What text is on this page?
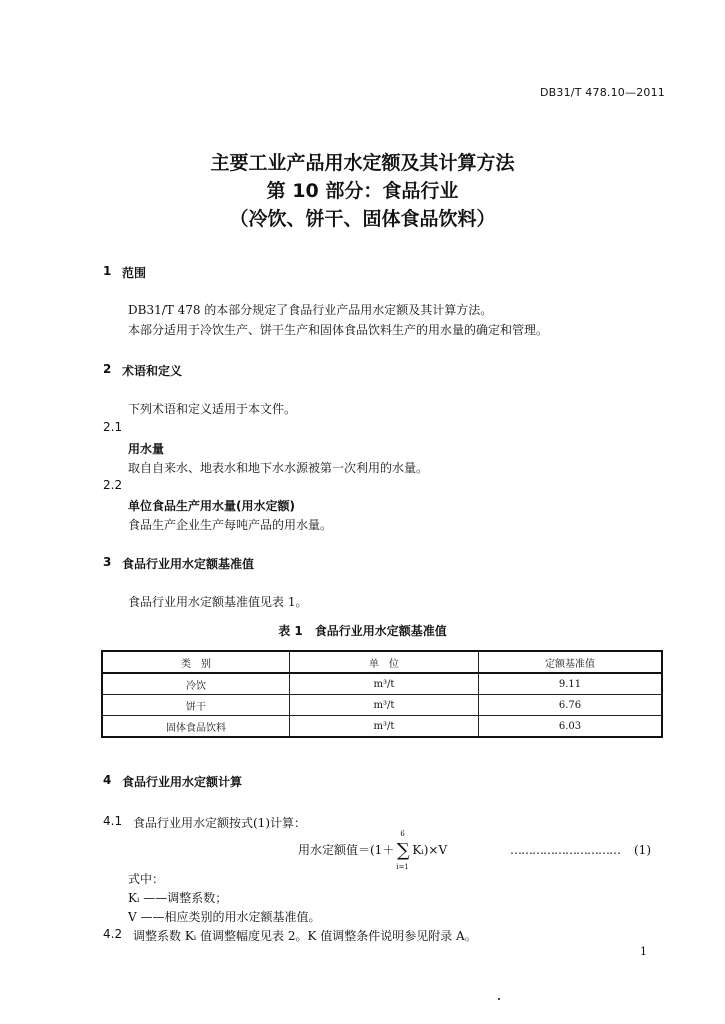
DB31/T 478.10—2011
主要工业产品用水定额及其计算方法
第 10 部分：食品行业
（冷饮、饼干、固体食品饮料）
1 范围
DB31/T 478 的本部分规定了食品行业产品用水定额及其计算方法。
本部分适用于冷饮生产、饼干生产和固体食品饮料生产的用水量的确定和管理。
2 术语和定义
下列术语和定义适用于本文件。
2.1
用水量
取自自来水、地表水和地下水水源被第一次利用的水量。
2.2
单位食品生产用水量(用水定额)
食品生产企业生产每吨产品的用水量。
3 食品行业用水定额基准值
食品行业用水定额基准值见表 1。
表 1　食品行业用水定额基准值
类　别	单　位	定额基准值
冷饮	m³/t	9.11
饼干	m³/t	6.76
固体食品饮料	m³/t	6.03
4 食品行业用水定额计算
4.1 食品行业用水定额按式(1)计算：
用水定额值＝(1＋ ∑
6
i=1
Kᵢ)×V	………………………… (1)
式中：
Kᵢ ——调整系数；
V ——相应类别的用水定额基准值。
4.2 调整系数 Kᵢ 值调整幅度见表 2。K 值调整条件说明参见附录 A。
1
